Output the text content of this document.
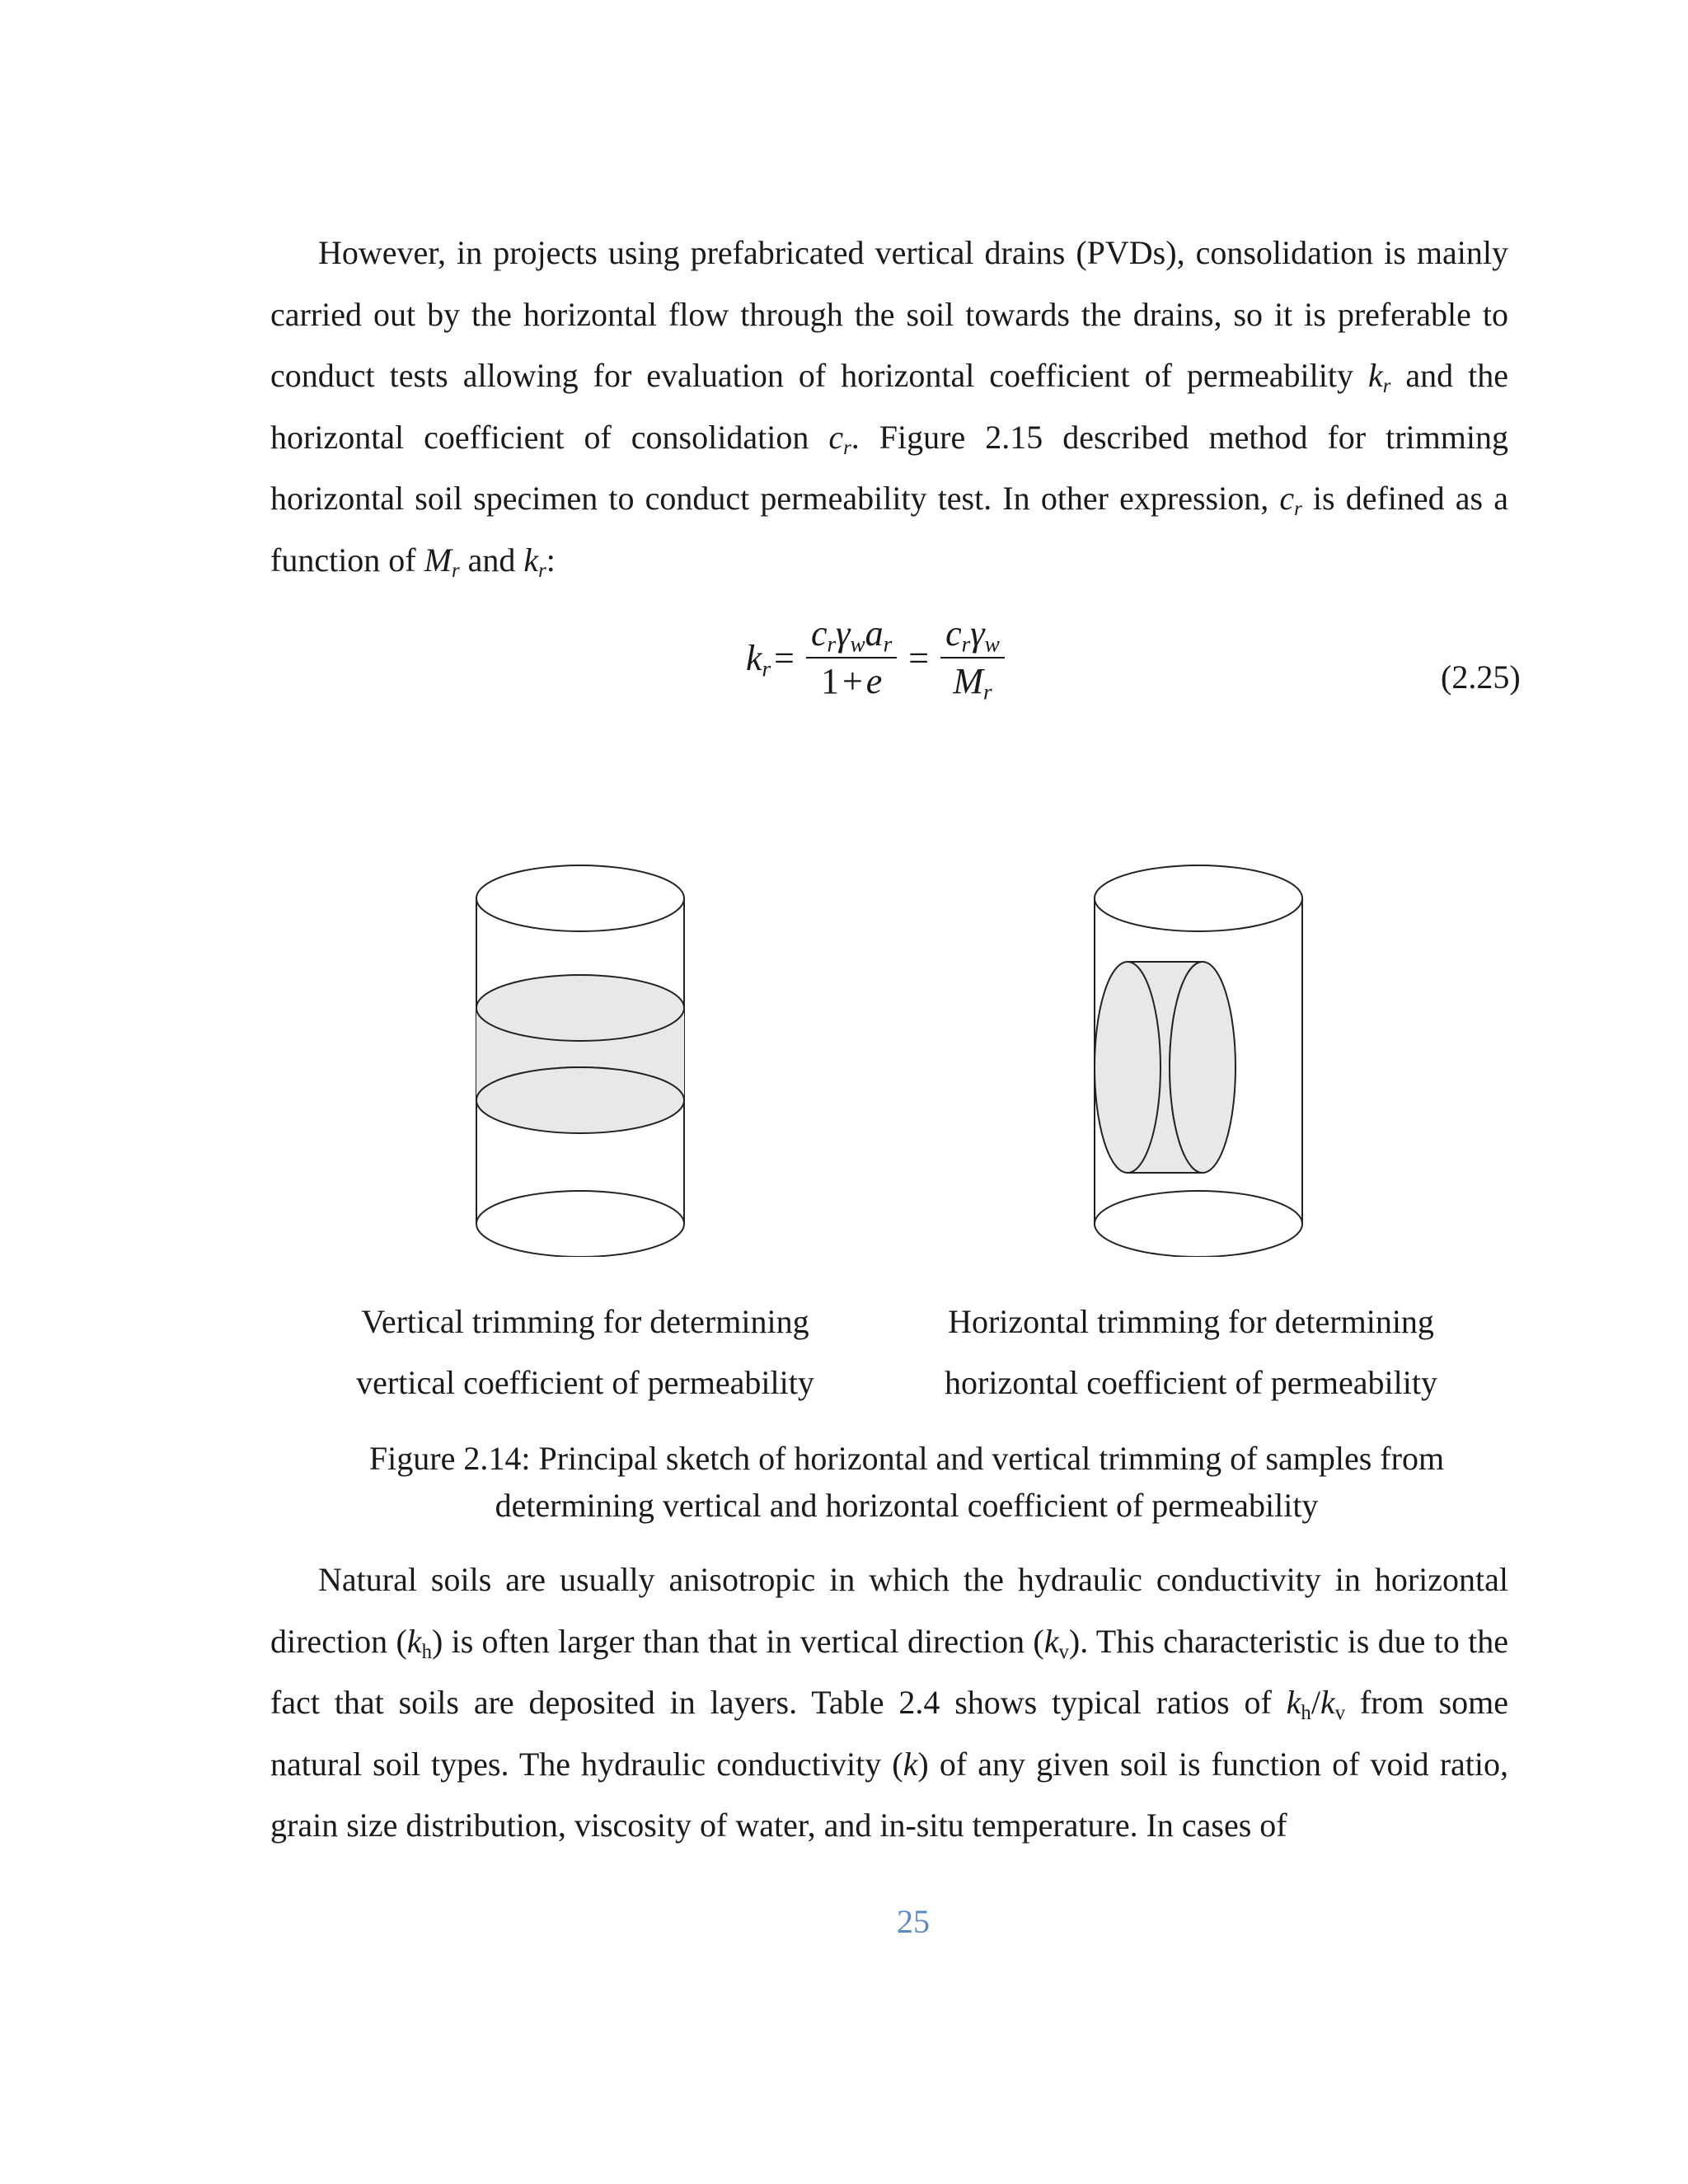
However, in projects using prefabricated vertical drains (PVDs), consolidation is mainly carried out by the horizontal flow through the soil towards the drains, so it is preferable to conduct tests allowing for evaluation of horizontal coefficient of permeability $k_r$ and the horizontal coefficient of consolidation $c_r$. Figure 2.15 described method for trimming horizontal soil specimen to conduct permeability test. In other expression, $c_r$ is defined as a function of $M_r$ and $k_r$:

$k_r = \frac{c_r\gamma_wa_r}{1+e} = \frac{c_r\gamma_w}{M_r}$	(2.25)

Vertical trimming for determining
vertical coefficient of permeability

Horizontal trimming for determining
horizontal coefficient of permeability

Figure 2.14: Principal sketch of horizontal and vertical trimming of samples from
determining vertical and horizontal coefficient of permeability

Natural soils are usually anisotropic in which the hydraulic conductivity in horizontal direction $(k_h)$ is often larger than that in vertical direction $(k_v)$. This characteristic is due to the fact that soils are deposited in layers. Table 2.4 shows typical ratios of $k_h/k_v$ from some natural soil types. The hydraulic conductivity (k) of any given soil is function of void ratio, grain size distribution, viscosity of water, and in-situ temperature. In cases of

25
